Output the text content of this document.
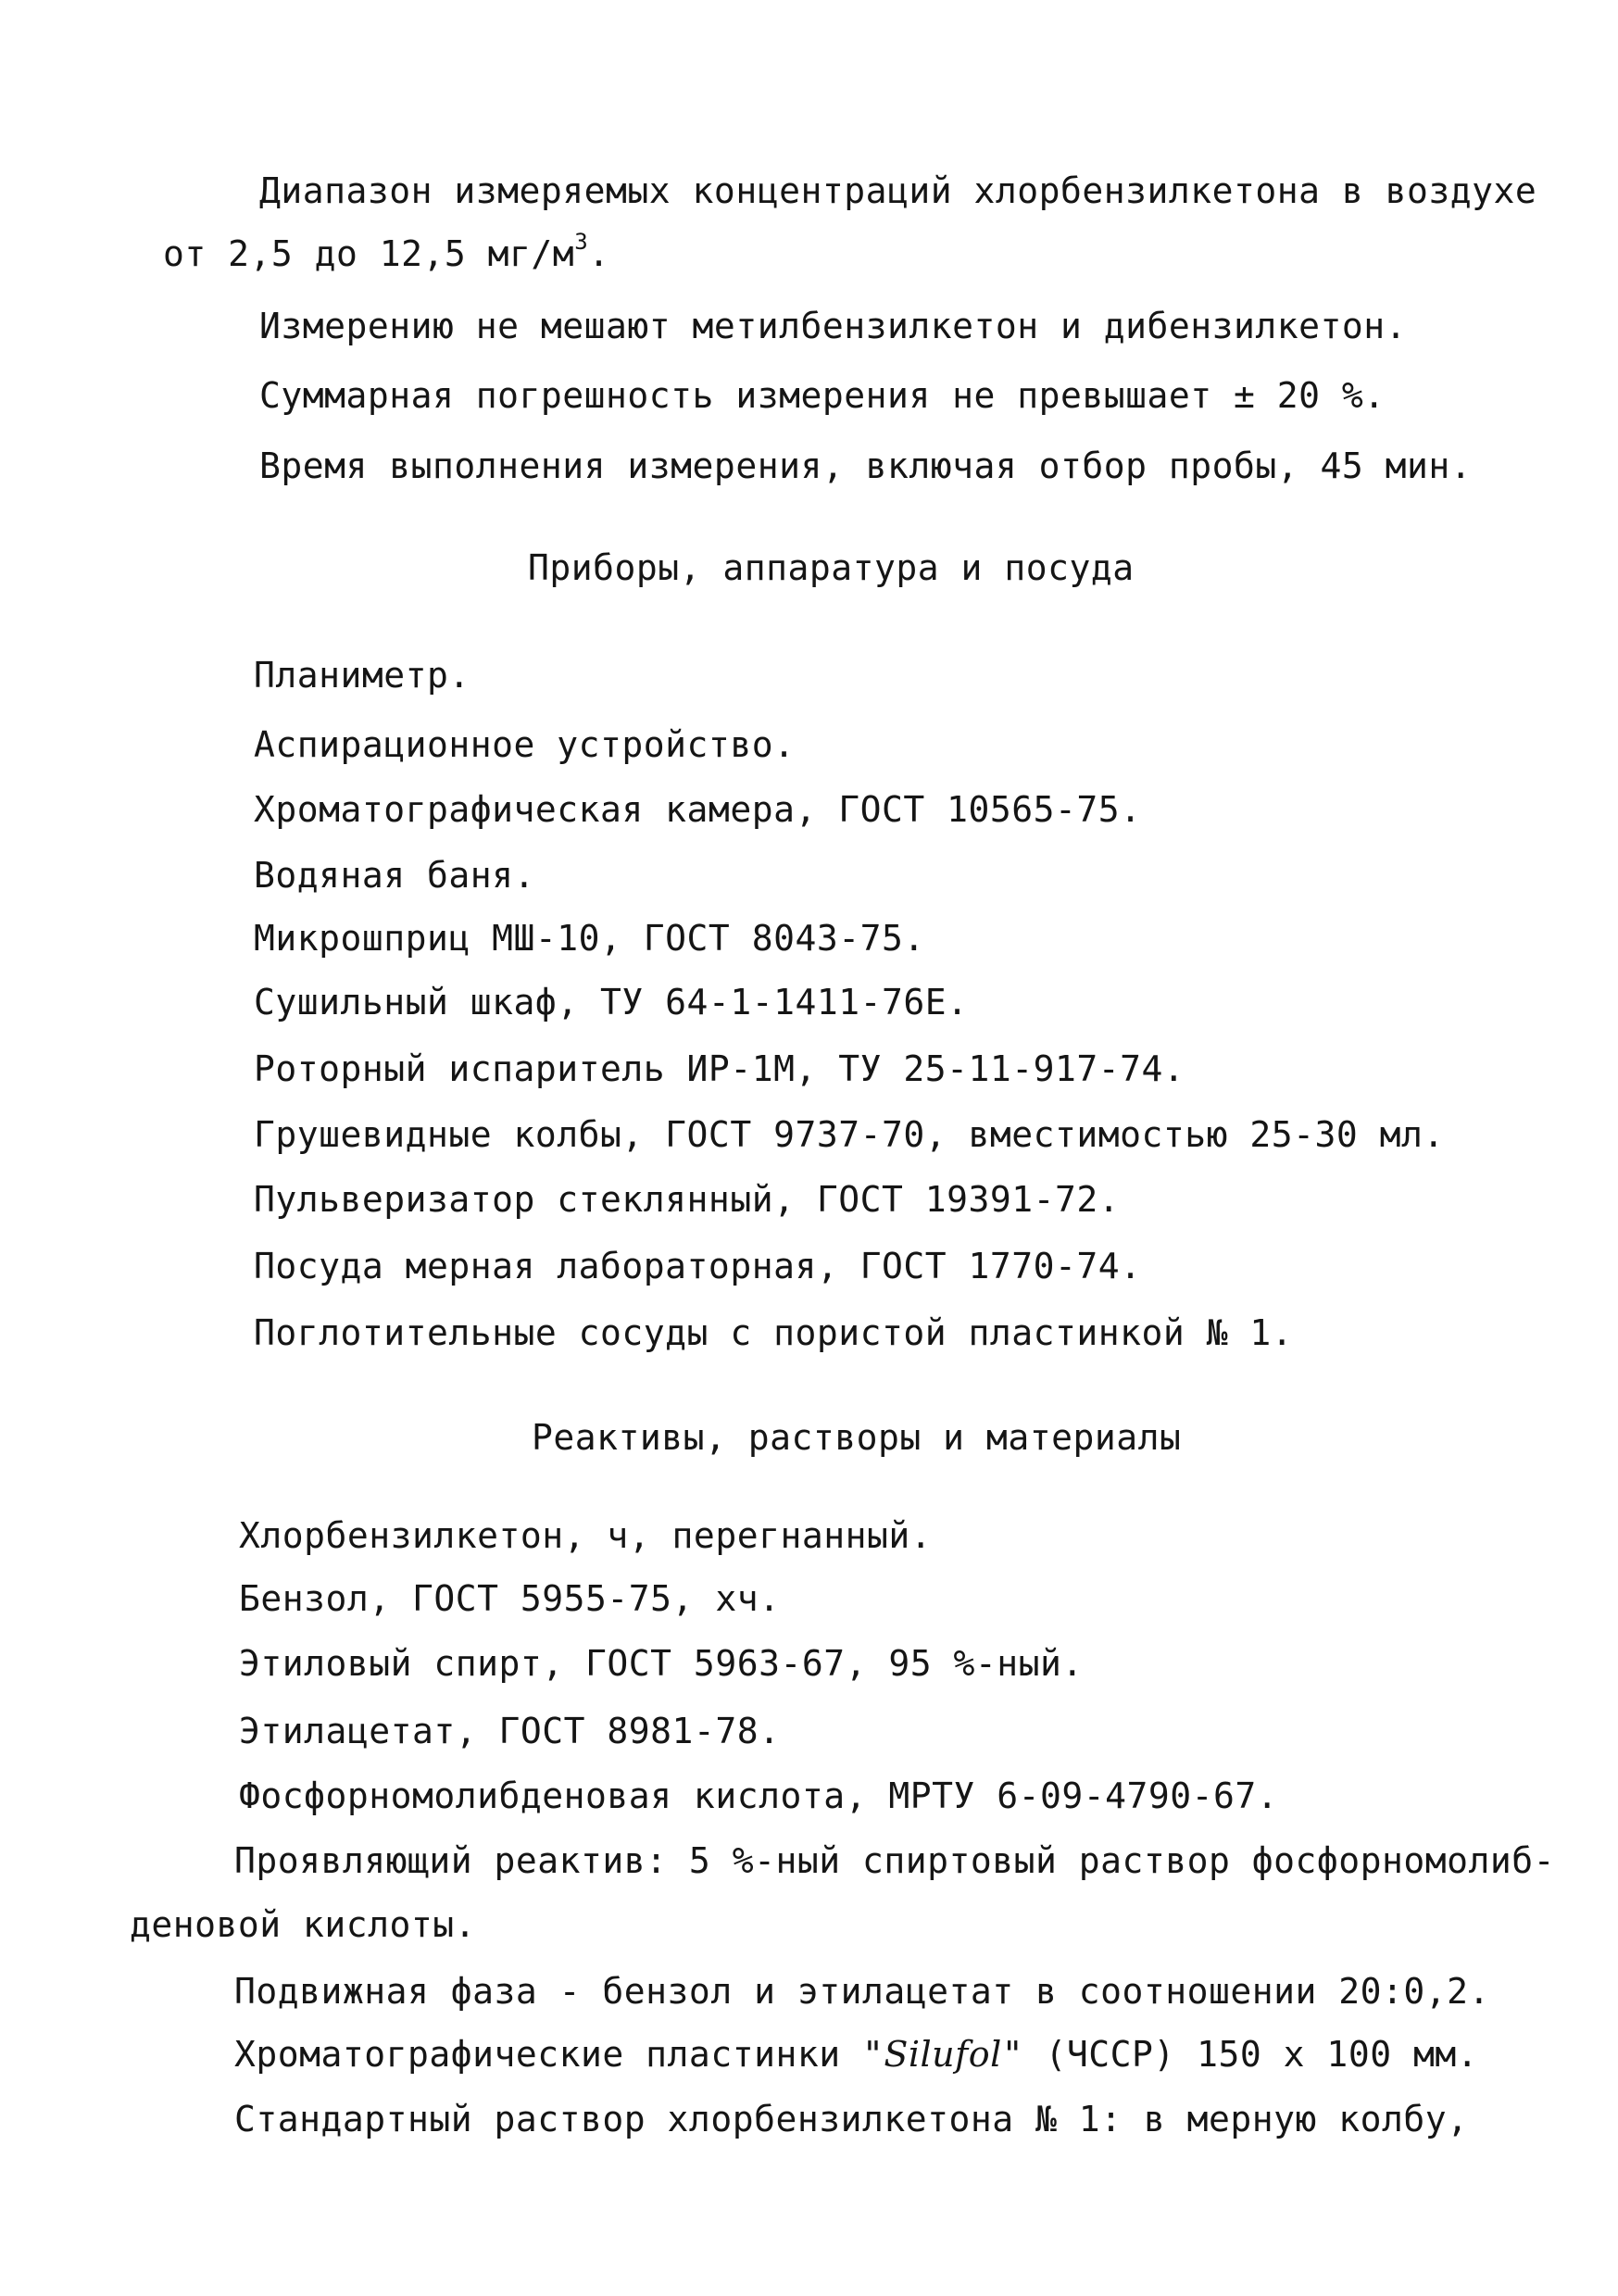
Диапазон измеряемых концентраций хлорбензилкетона в воздухе
от 2,5 до 12,5 $мг/м^3$.
Измерению не мешают метилбензилкетон и дибензилкетон.
Суммарная погрешность измерения не превышает ± 20 %.
Время выполнения измерения, включая отбор пробы, 45 мин.
Приборы, аппаратура и посуда
Планиметр.
Аспирационное устройство.
Хроматографическая камера, ГОСТ 10565-75.
Водяная баня.
Микрошприц МШ-10, ГОСТ 8043-75.
Сушильный шкаф, ТУ 64-1-1411-76Е.
Роторный испаритель ИР-1М, ТУ 25-11-917-74.
Грушевидные колбы, ГОСТ 9737-70, вместимостью 25-30 мл.
Пульверизатор стеклянный, ГОСТ 19391-72.
Посуда мерная лабораторная, ГОСТ 1770-74.
Поглотительные сосуды с пористой пластинкой № 1.
Реактивы, растворы и материалы
Хлорбензилкетон, ч, перегнанный.
Бензол, ГОСТ 5955-75, хч.
Этиловый спирт, ГОСТ 5963-67, 95 %-ный.
Этилацетат, ГОСТ 8981-78.
Фосфорномолибденовая кислота, МРТУ 6-09-4790-67.
Проявляющий реактив: 5 %-ный спиртовый раствор фосфорномолиб-
деновой кислоты.
Подвижная фаза - бензол и этилацетат в соотношении 20:0,2.
Хроматографические пластинки "Silufol" (ЧССР) 150 х 100 мм.
Стандартный раствор хлорбензилкетона № 1: в мерную колбу,
